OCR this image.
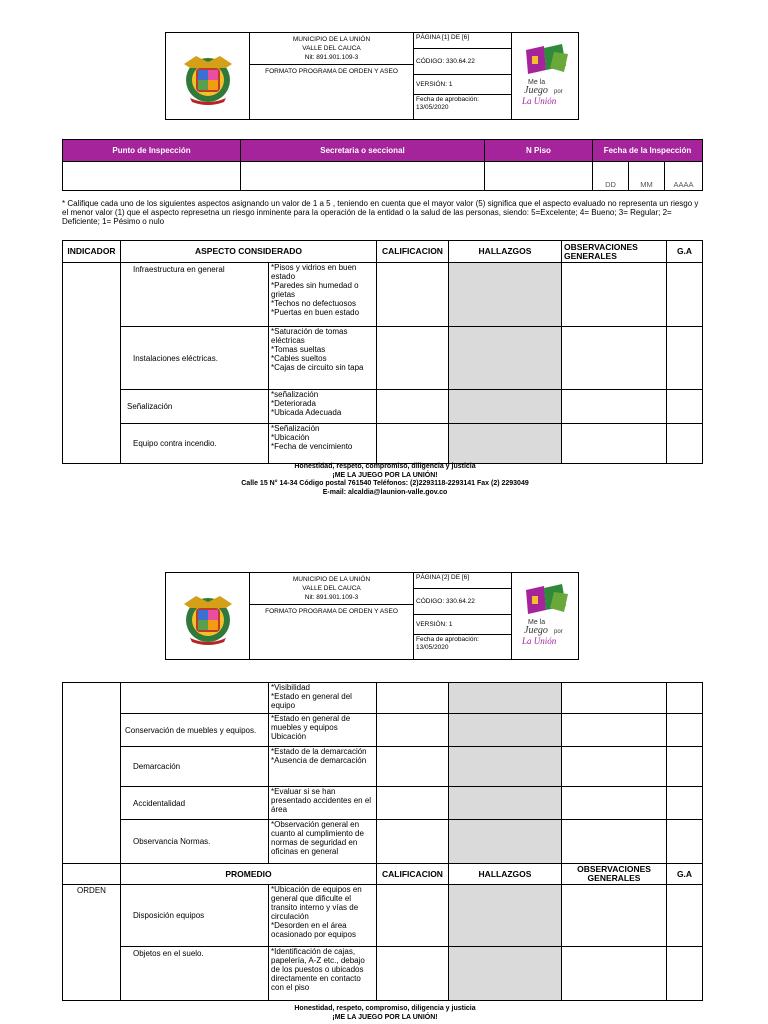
MUNICIPIO DE LA UNIÓN
VALLE DEL CAUCA
Nit: 891.901.109-3
FORMATO PROGRAMA DE ORDEN Y ASEO
PÁGINA [1] DE [6]
CÓDIGO: 330.64.22
VERSIÓN: 1
Fecha de aprobación:
13/05/2020
Me la
Juego por
La Unión
Punto de Inspección	Secretaria o seccional	N Piso	Fecha de la Inspección		
			DD	MM	AAAA
* Califique cada uno de los siguientes aspectos asignando un valor de 1 a 5 , teniendo en cuenta que el mayor valor (5) significa que el aspecto evaluado no representa un riesgo y el menor valor (1) que el aspecto represetna un riesgo inminente para la operación de la entidad o la salud de las personas, siendo: 5=Excelente; 4= Bueno; 3= Regular; 2= Deficiente; 1= Pésimo o nulo
INDICADOR	ASPECTO CONSIDERADO		CALIFICACION	HALLAZGOS	OBSERVACIONES GENERALES	G.A
	Infraestructura en general	*Pisos y vidrios en buen estado
*Paredes sin humedad o grietas
*Techos no defectuosos
*Puertas en buen estado				
	Instalaciones eléctricas.	*Saturación de tomas eléctricas
*Tomas sueltas
*Cables sueltos
*Cajas de circuito sin tapa				
	Señalización	*señalización
*Deteriorada
*Ubicada Adecuada				
	Equipo contra incendio.	*Señalización
*Ubicación
*Fecha de vencimiento				
Honestidad, respeto, compromiso, diligencia y justicia
¡ME LA JUEGO POR LA UNIÓN!
Calle 15 N° 14-34 Código postal 761540 Teléfonos: (2)2293118-2293141 Fax (2) 2293049
E-mail: alcaldia@launion-valle.gov.co
MUNICIPIO DE LA UNIÓN
VALLE DEL CAUCA
Nit: 891.901.109-3
FORMATO PROGRAMA DE ORDEN Y ASEO
PÁGINA [2] DE [6]
CÓDIGO: 330.64.22
VERSIÓN: 1
Fecha de aprobación:
13/05/2020
Me la
Juego por
La Unión
		*Visibilidad
*Estado en general del equipo				
	Conservación de muebles y equipos.	*Estado en general de muebles y equipos
Ubicación				
	Demarcación	*Estado de la demarcación
*Ausencia de demarcación				
	Accidentalidad	*Evaluar si se han presentado accidentes en el área				
	Observancia Normas.	*Observación general en cuanto al cumplimiento de normas de seguridad en oficinas en general				
	PROMEDIO		CALIFICACION	HALLAZGOS	OBSERVACIONES GENERALES	G.A
ORDEN	Disposición equipos	*Ubicación de equipos en general que dificulte el transito interno y vías de circulación
*Desorden en el área ocasionado por equipos				
	Objetos en el suelo.	*Identificación de cajas, papelería, A-Z etc., debajo de los puestos o ubicados directamente en contacto con el piso				
Honestidad, respeto, compromiso, diligencia y justicia
¡ME LA JUEGO POR LA UNIÓN!
